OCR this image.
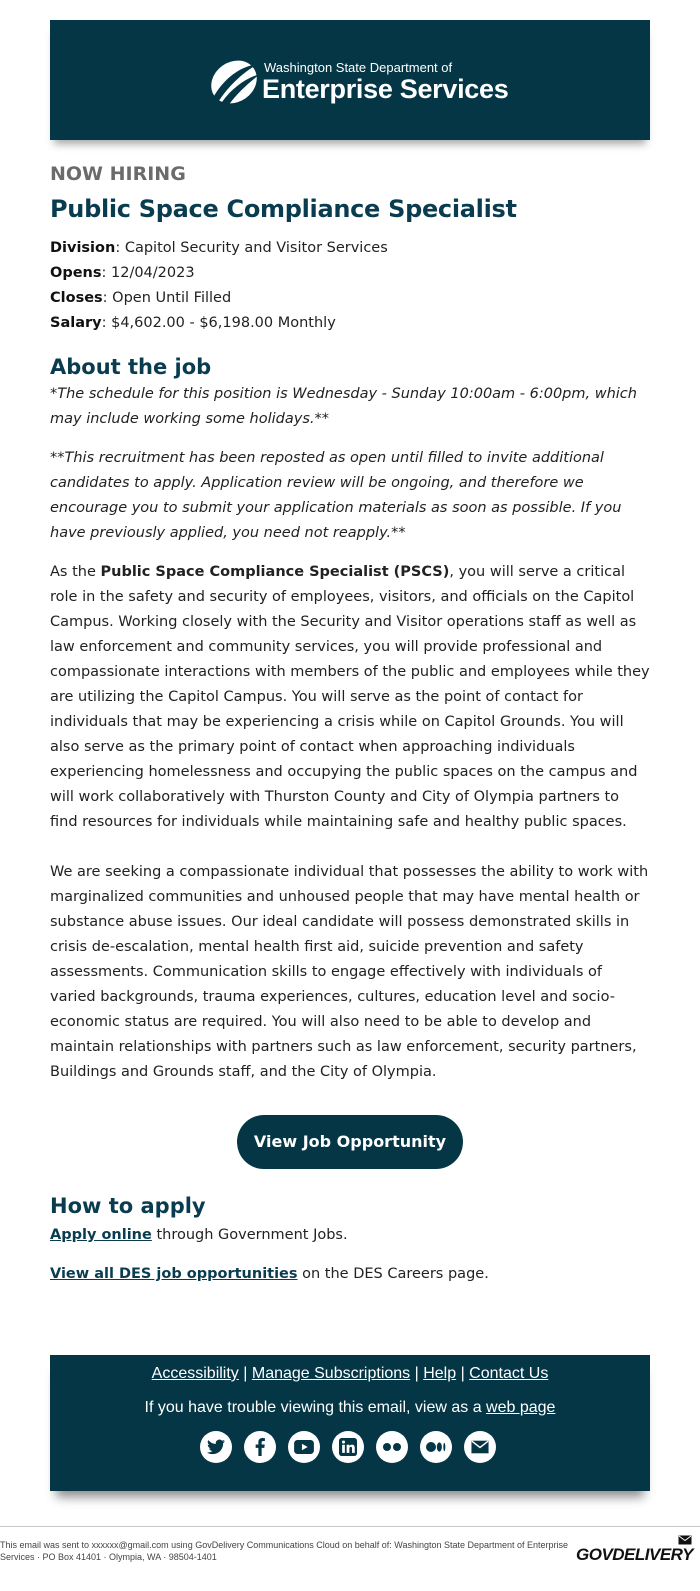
Washington State Department of
Enterprise Services
NOW HIRING
Public Space Compliance Specialist
Division: Capitol Security and Visitor Services
Opens: 12/04/2023
Closes: Open Until Filled
Salary: $4,602.00 - $6,198.00 Monthly
About the job

*The schedule for this position is Wednesday - Sunday 10:00am - 6:00pm, which may include working some holidays.**

**This recruitment has been reposted as open until filled to invite additional candidates to apply. Application review will be ongoing, and therefore we encourage you to submit your application materials as soon as possible. If you have previously applied, you need not reapply.**

As the Public Space Compliance Specialist (PSCS), you will serve a critical role in the safety and security of employees, visitors, and officials on the Capitol Campus. Working closely with the Security and Visitor operations staff as well as law enforcement and community services, you will provide professional and compassionate interactions with members of the public and employees while they are utilizing the Capitol Campus. You will serve as the point of contact for individuals that may be experiencing a crisis while on Capitol Grounds. You will also serve as the primary point of contact when approaching individuals experiencing homelessness and occupying the public spaces on the campus and will work collaboratively with Thurston County and City of Olympia partners to find resources for individuals while maintaining safe and healthy public spaces.

We are seeking a compassionate individual that possesses the ability to work with marginalized communities and unhoused people that may have mental health or substance abuse issues. Our ideal candidate will possess demonstrated skills in crisis de-escalation, mental health first aid, suicide prevention and safety assessments. Communication skills to engage effectively with individuals of varied backgrounds, trauma experiences, cultures, education level and socio-economic status are required. You will also need to be able to develop and maintain relationships with partners such as law enforcement, security partners, Buildings and Grounds staff, and the City of Olympia.

View Job Opportunity
How to apply

Apply online through Government Jobs.

View all DES job opportunities on the DES Careers page.

Accessibility | Manage Subscriptions | Help | Contact Us
If you have trouble viewing this email, view as a web page
This email was sent to xxxxxx@gmail.com using GovDelivery Communications Cloud on behalf of: Washington State Department of Enterprise Services · PO Box 41401 · Olympia, WA · 98504-1401	GOVDELIVERY
